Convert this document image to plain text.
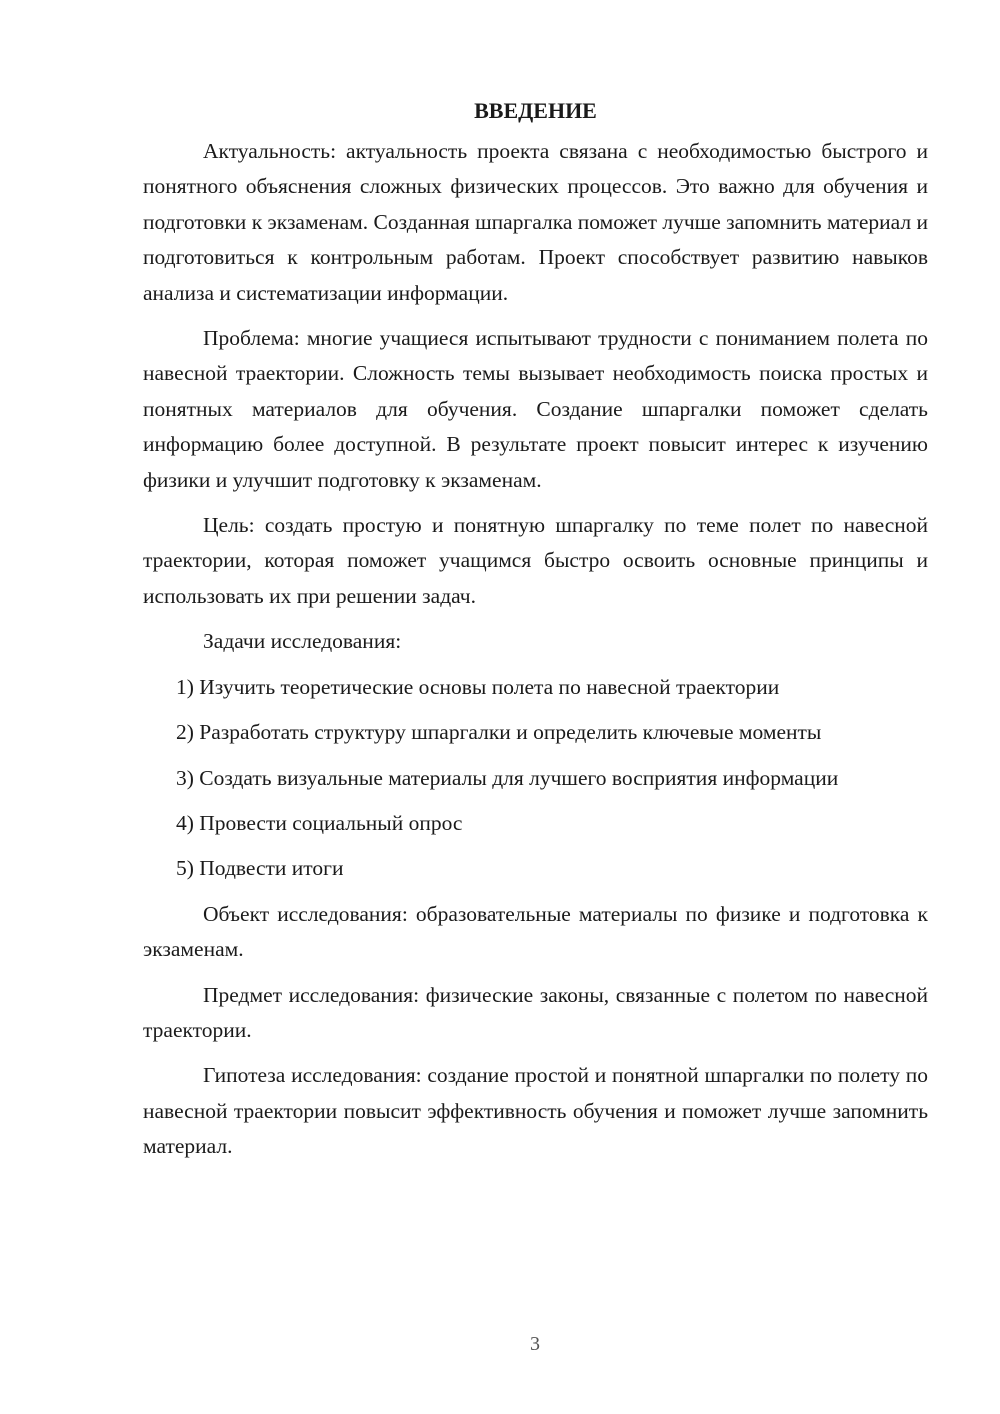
ВВЕДЕНИЕ

Актуальность: актуальность проекта связана с необходимостью быстрого и понятного объяснения сложных физических процессов. Это важно для обучения и подготовки к экзаменам. Созданная шпаргалка поможет лучше запомнить материал и подготовиться к контрольным работам. Проект способствует развитию навыков анализа и систематизации информации.

Проблема: многие учащиеся испытывают трудности с пониманием полета по навесной траектории. Сложность темы вызывает необходимость поиска простых и понятных материалов для обучения. Создание шпаргалки поможет сделать информацию более доступной. В результате проект повысит интерес к изучению физики и улучшит подготовку к экзаменам.

Цель: создать простую и понятную шпаргалку по теме полет по навесной траектории, которая поможет учащимся быстро освоить основные принципы и использовать их при решении задач.

Задачи исследования:

1) Изучить теоретические основы полета по навесной траектории

2) Разработать структуру шпаргалки и определить ключевые моменты

3) Создать визуальные материалы для лучшего восприятия информации

4) Провести социальный опрос

5) Подвести итоги

Объект исследования: образовательные материалы по физике и подготовка к экзаменам.

Предмет исследования: физические законы, связанные с полетом по навесной траектории.

Гипотеза исследования: создание простой и понятной шпаргалки по полету по навесной траектории повысит эффективность обучения и поможет лучше запомнить материал.

3
